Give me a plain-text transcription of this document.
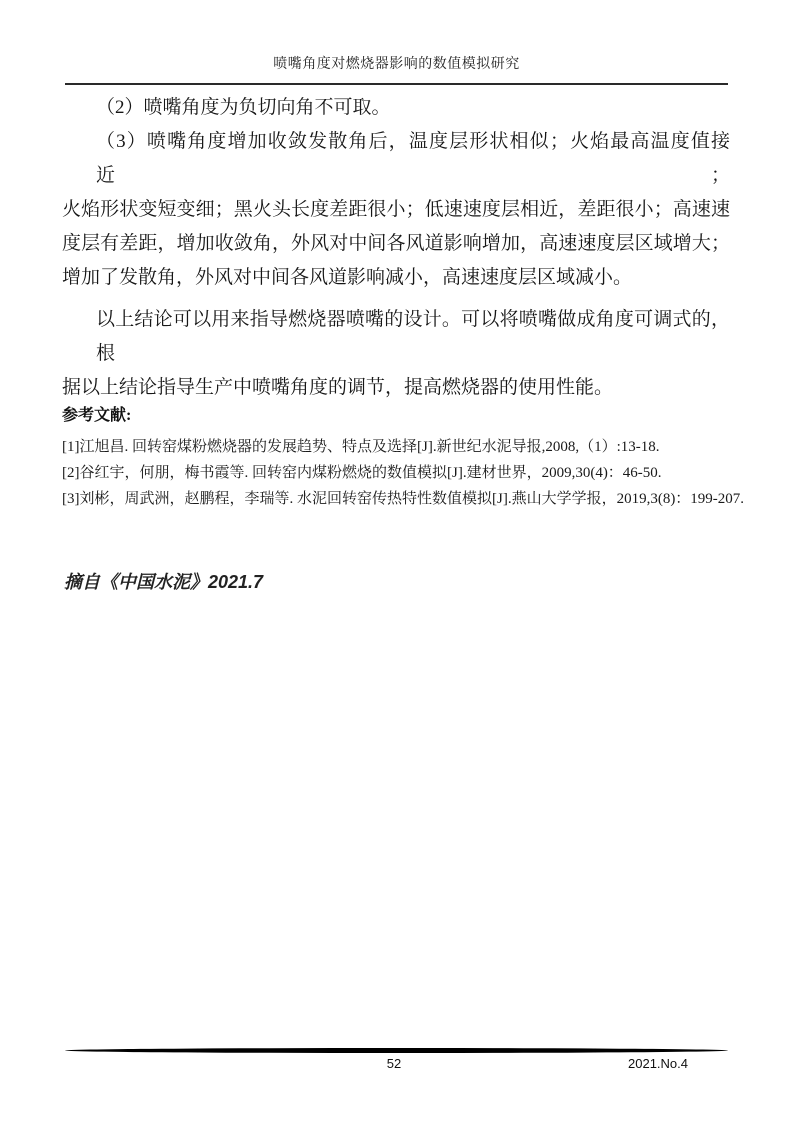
喷嘴角度对燃烧器影响的数值模拟研究
（2）喷嘴角度为负切向角不可取。
（3）喷嘴角度增加收敛发散角后，温度层形状相似；火焰最高温度值接近；
火焰形状变短变细；黑火头长度差距很小；低速速度层相近，差距很小；高速速
度层有差距，增加收敛角，外风对中间各风道影响增加，高速速度层区域增大；
增加了发散角，外风对中间各风道影响减小，高速速度层区域减小。
以上结论可以用来指导燃烧器喷嘴的设计。可以将喷嘴做成角度可调式的，根
据以上结论指导生产中喷嘴角度的调节，提高燃烧器的使用性能。
参考文献:
[1]江旭昌. 回转窑煤粉燃烧器的发展趋势、特点及选择[J].新世纪水泥导报,2008,（1）:13-18.
[2]谷红宇，何朋，梅书霞等. 回转窑内煤粉燃烧的数值模拟[J].建材世界，2009,30(4)：46-50.
[3]刘彬，周武洲，赵鹏程，李瑞等. 水泥回转窑传热特性数值模拟[J].燕山大学学报，2019,3(8)：199-207.
摘自《中国水泥》2021.7
52	2021.No.4
